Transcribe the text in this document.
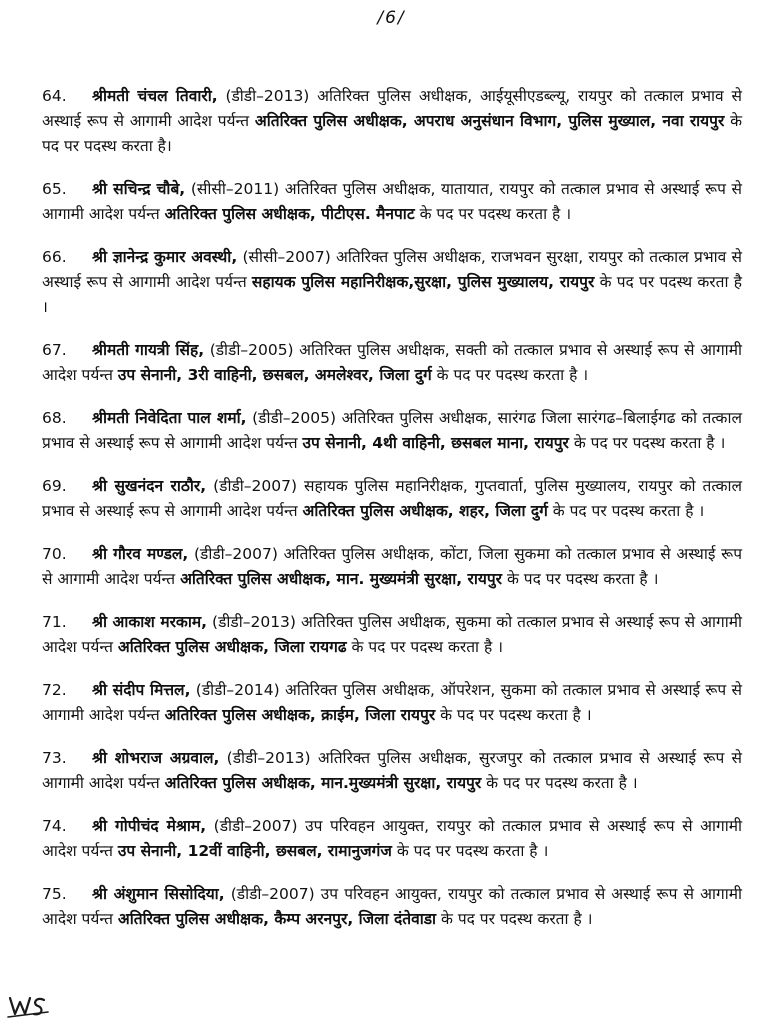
/6/

64. श्रीमती चंचल तिवारी, (डीडी–2013) अतिरिक्त पुलिस अधीक्षक, आईयूसीएडब्ल्यू, रायपुर को तत्काल प्रभाव से अस्थाई रूप से आगामी आदेश पर्यन्त अतिरिक्त पुलिस अधीक्षक, अपराध अनुसंधान विभाग, पुलिस मुख्याल, नवा रायपुर के पद पर पदस्थ करता है।

65. श्री सचिन्द्र चौबे, (सीसी–2011) अतिरिक्त पुलिस अधीक्षक, यातायात, रायपुर को तत्काल प्रभाव से अस्थाई रूप से आगामी आदेश पर्यन्त अतिरिक्त पुलिस अधीक्षक, पीटीएस. मैनपाट के पद पर पदस्थ करता है ।

66. श्री ज्ञानेन्द्र कुमार अवस्थी, (सीसी–2007) अतिरिक्त पुलिस अधीक्षक, राजभवन सुरक्षा, रायपुर को तत्काल प्रभाव से अस्थाई रूप से आगामी आदेश पर्यन्त सहायक पुलिस महानिरीक्षक,सुरक्षा, पुलिस मुख्यालय, रायपुर के पद पर पदस्थ करता है ।

67. श्रीमती गायत्री सिंह, (डीडी–2005) अतिरिक्त पुलिस अधीक्षक, सक्ती को तत्काल प्रभाव से अस्थाई रूप से आगामी आदेश पर्यन्त उप सेनानी, 3री वाहिनी, छसबल, अमलेश्वर, जिला दुर्ग के पद पर पदस्थ करता है ।

68. श्रीमती निवेदिता पाल शर्मा, (डीडी–2005) अतिरिक्त पुलिस अधीक्षक, सारंगढ जिला सारंगढ–बिलाईगढ को तत्काल प्रभाव से अस्थाई रूप से आगामी आदेश पर्यन्त उप सेनानी, 4थी वाहिनी, छसबल माना, रायपुर के पद पर पदस्थ करता है ।

69. श्री सुखनंदन राठौर, (डीडी–2007) सहायक पुलिस महानिरीक्षक, गुप्तवार्ता, पुलिस मुख्यालय, रायपुर को तत्काल प्रभाव से अस्थाई रूप से आगामी आदेश पर्यन्त अतिरिक्त पुलिस अधीक्षक, शहर, जिला दुर्ग के पद पर पदस्थ करता है ।

70. श्री गौरव मण्डल, (डीडी–2007) अतिरिक्त पुलिस अधीक्षक, कोंटा, जिला सुकमा को तत्काल प्रभाव से अस्थाई रूप से आगामी आदेश पर्यन्त अतिरिक्त पुलिस अधीक्षक, मान. मुख्यमंत्री सुरक्षा, रायपुर के पद पर पदस्थ करता है ।

71. श्री आकाश मरकाम, (डीडी–2013) अतिरिक्त पुलिस अधीक्षक, सुकमा को तत्काल प्रभाव से अस्थाई रूप से आगामी आदेश पर्यन्त अतिरिक्त पुलिस अधीक्षक, जिला रायगढ के पद पर पदस्थ करता है ।

72. श्री संदीप मित्तल, (डीडी–2014) अतिरिक्त पुलिस अधीक्षक, ऑपरेशन, सुकमा को तत्काल प्रभाव से अस्थाई रूप से आगामी आदेश पर्यन्त अतिरिक्त पुलिस अधीक्षक, क्राईम, जिला रायपुर के पद पर पदस्थ करता है ।

73. श्री शोभराज अग्रवाल, (डीडी–2013) अतिरिक्त पुलिस अधीक्षक, सुरजपुर को तत्काल प्रभाव से अस्थाई रूप से आगामी आदेश पर्यन्त अतिरिक्त पुलिस अधीक्षक, मान.मुख्यमंत्री सुरक्षा, रायपुर के पद पर पदस्थ करता है ।

74. श्री गोपीचंद मेश्राम, (डीडी–2007) उप परिवहन आयुक्त, रायपुर को तत्काल प्रभाव से अस्थाई रूप से आगामी आदेश पर्यन्त उप सेनानी, 12वीं वाहिनी, छसबल, रामानुजगंज के पद पर पदस्थ करता है ।

75. श्री अंशुमान सिसोदिया, (डीडी–2007) उप परिवहन आयुक्त, रायपुर को तत्काल प्रभाव से अस्थाई रूप से आगामी आदेश पर्यन्त अतिरिक्त पुलिस अधीक्षक, कैम्प अरनपुर, जिला दंतेवाडा के पद पर पदस्थ करता है ।
